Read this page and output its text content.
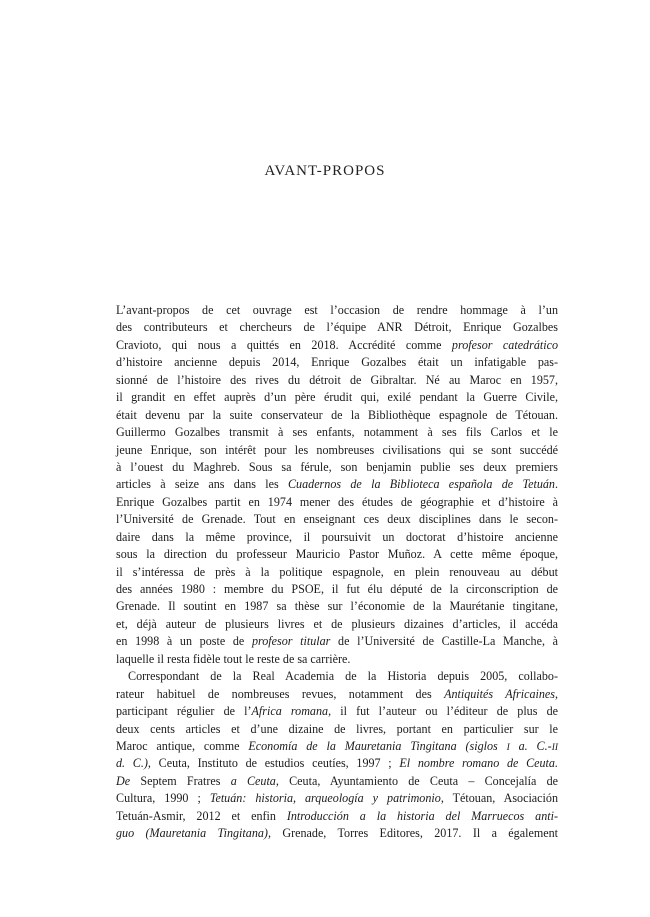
AVANT-PROPOS
L’avant-propos de cet ouvrage est l’occasion de rendre hommage à l’un
des contributeurs et chercheurs de l’équipe ANR Détroit, Enrique Gozalbes
Cravioto, qui nous a quittés en 2018. Accrédité comme profesor catedrático
d’histoire ancienne depuis 2014, Enrique Gozalbes était un infatigable pas-
sionné de l’histoire des rives du détroit de Gibraltar. Né au Maroc en 1957,
il grandit en effet auprès d’un père érudit qui, exilé pendant la Guerre Civile,
était devenu par la suite conservateur de la Bibliothèque espagnole de Tétouan.
Guillermo Gozalbes transmit à ses enfants, notamment à ses fils Carlos et le
jeune Enrique, son intérêt pour les nombreuses civilisations qui se sont succédé
à l’ouest du Maghreb. Sous sa férule, son benjamin publie ses deux premiers
articles à seize ans dans les Cuadernos de la Biblioteca española de Tetuán.
Enrique Gozalbes partit en 1974 mener des études de géographie et d’histoire à
l’Université de Grenade. Tout en enseignant ces deux disciplines dans le secon-
daire dans la même province, il poursuivit un doctorat d’histoire ancienne
sous la direction du professeur Mauricio Pastor Muñoz. A cette même époque,
il s’intéressa de près à la politique espagnole, en plein renouveau au début
des années 1980 : membre du PSOE, il fut élu député de la circonscription de
Grenade. Il soutint en 1987 sa thèse sur l’économie de la Maurétanie tingitane,
et, déjà auteur de plusieurs livres et de plusieurs dizaines d’articles, il accéda
en 1998 à un poste de profesor titular de l’Université de Castille-La Manche, à
laquelle il resta fidèle tout le reste de sa carrière.
Correspondant de la Real Academia de la Historia depuis 2005, collabo-
rateur habituel de nombreuses revues, notamment des Antiquités Africaines,
participant régulier de l’Africa romana, il fut l’auteur ou l’éditeur de plus de
deux cents articles et d’une dizaine de livres, portant en particulier sur le
Maroc antique, comme Economía de la Mauretania Tingitana (siglos I a. C.-II
d. C.), Ceuta, Instituto de estudios ceutíes, 1997 ; El nombre romano de Ceuta.
De Septem Fratres a Ceuta, Ceuta, Ayuntamiento de Ceuta – Concejalía de
Cultura, 1990 ; Tetuán: historia, arqueología y patrimonio, Tétouan, Asociación
Tetuán-Asmir, 2012 et enfin Introducción a la historia del Marruecos anti-
guo (Mauretania Tingitana), Grenade, Torres Editores, 2017. Il a également
